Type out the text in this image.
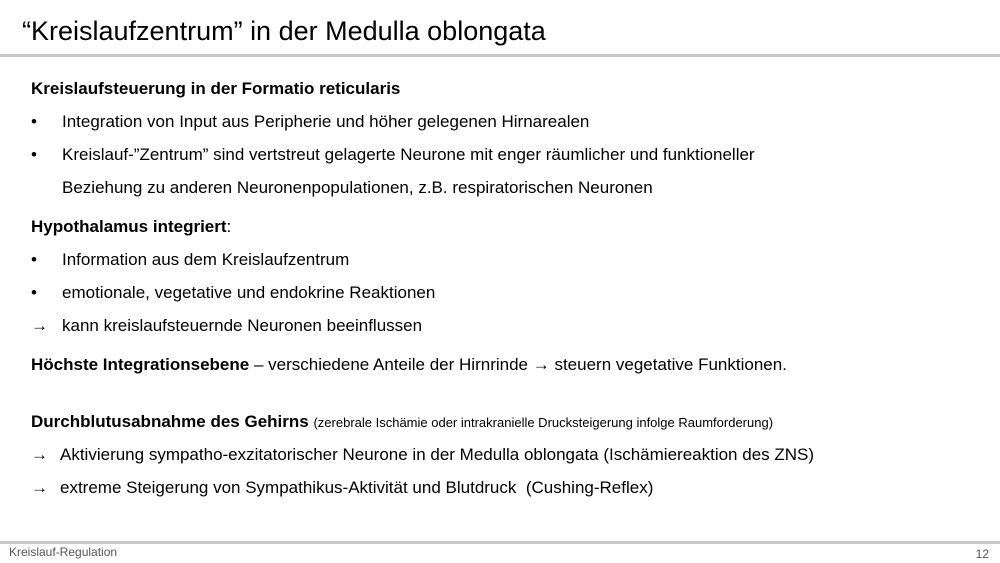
“Kreislaufzentrum” in der Medulla oblongata
Kreislaufsteuerung in der Formatio reticularis
•	Integration von Input aus Peripherie und höher gelegenen Hirnarealen
•	Kreislauf-”Zentrum” sind vertstreut gelagerte Neurone mit enger räumlicher und funktioneller
Beziehung zu anderen Neuronenpopulationen, z.B. respiratorischen Neuronen
Hypothalamus integriert:
•	Information aus dem Kreislaufzentrum
•	emotionale, vegetative und endokrine Reaktionen
→ kann kreislaufsteuernde Neuronen beeinflussen
Höchste Integrationsebene – verschiedene Anteile der Hirnrinde → steuern vegetative Funktionen.
Durchblutusabnahme des Gehirns (zerebrale Ischämie oder intrakranielle Drucksteigerung infolge Raumforderung)
→ Aktivierung sympatho-exzitatorischer Neurone in der Medulla oblongata (Ischämiereaktion des ZNS)
→ extreme Steigerung von Sympathikus-Aktivität und Blutdruck  (Cushing-Reflex)
Kreislauf-Regulation	12
